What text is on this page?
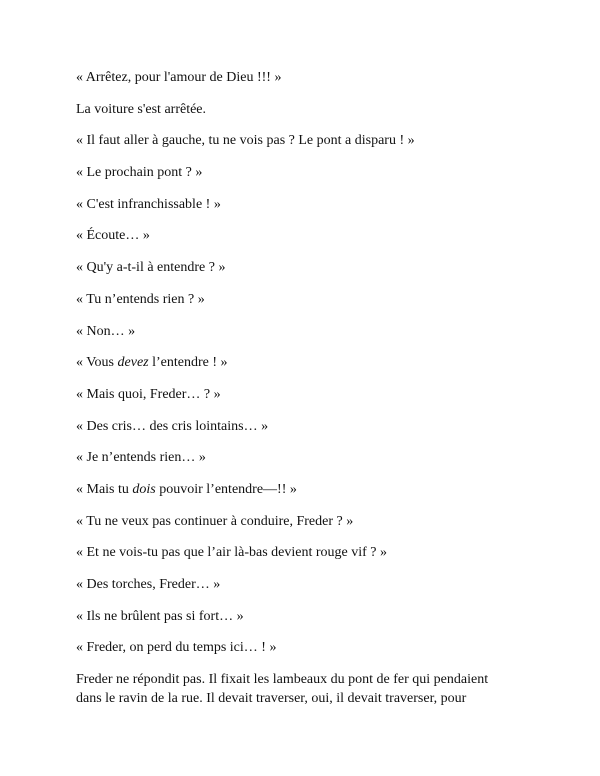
« Arrêtez, pour l'amour de Dieu !!! »

La voiture s'est arrêtée.

« Il faut aller à gauche, tu ne vois pas ? Le pont a disparu ! »

« Le prochain pont ? »

« C'est infranchissable ! »

« Écoute… »

« Qu'y a-t-il à entendre ? »

« Tu n’entends rien ? »

« Non… »

« Vous devez l’entendre ! »

« Mais quoi, Freder… ? »

« Des cris… des cris lointains… »

« Je n’entends rien… »

« Mais tu dois pouvoir l’entendre—!! »

« Tu ne veux pas continuer à conduire, Freder ? »

« Et ne vois-tu pas que l’air là-bas devient rouge vif ? »

« Des torches, Freder… »

« Ils ne brûlent pas si fort… »

« Freder, on perd du temps ici… ! »

Freder ne répondit pas. Il fixait les lambeaux du pont de fer qui pendaient
dans le ravin de la rue. Il devait traverser, oui, il devait traverser, pour
